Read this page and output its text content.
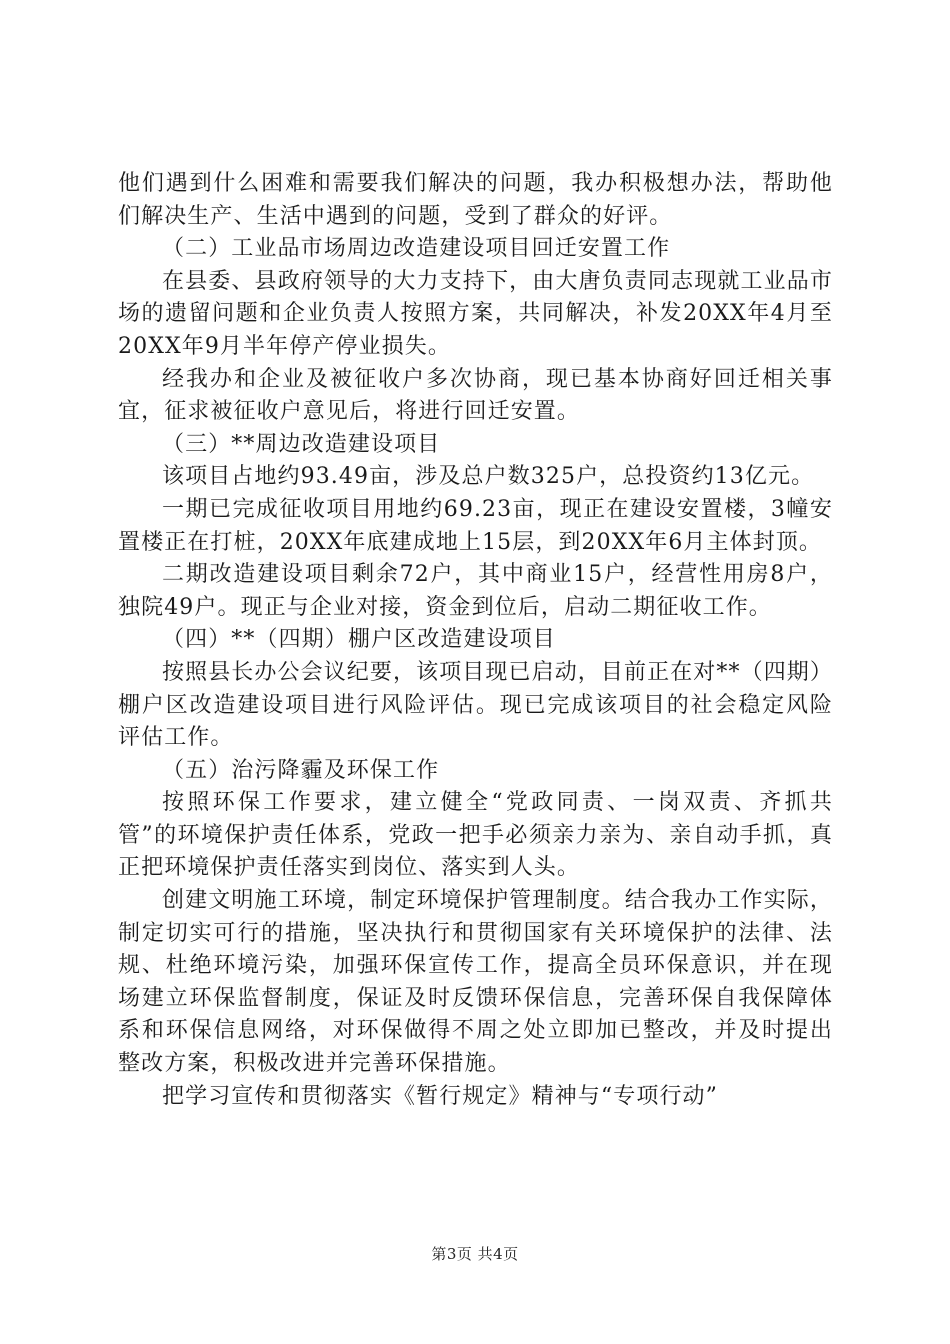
他们遇到什么困难和需要我们解决的问题，我办积极想办法，帮助他们解决生产、生活中遇到的问题，受到了群众的好评。

（二）工业品市场周边改造建设项目回迁安置工作

在县委、县政府领导的大力支持下，由大唐负责同志现就工业品市场的遗留问题和企业负责人按照方案，共同解决，补发20XX年4月至20XX年9月半年停产停业损失。

经我办和企业及被征收户多次协商，现已基本协商好回迁相关事宜，征求被征收户意见后，将进行回迁安置。

（三）**周边改造建设项目

该项目占地约93.49亩，涉及总户数325户，总投资约13亿元。

一期已完成征收项目用地约69.23亩，现正在建设安置楼，3幢安置楼正在打桩，20XX年底建成地上15层，到20XX年6月主体封顶。

二期改造建设项目剩余72户，其中商业15户，经营性用房8户，独院49户。现正与企业对接，资金到位后，启动二期征收工作。

（四）**（四期）棚户区改造建设项目

按照县长办公会议纪要，该项目现已启动，目前正在对**（四期）棚户区改造建设项目进行风险评估。现已完成该项目的社会稳定风险评估工作。

（五）治污降霾及环保工作

按照环保工作要求，建立健全“党政同责、一岗双责、齐抓共管”的环境保护责任体系，党政一把手必须亲力亲为、亲自动手抓，真正把环境保护责任落实到岗位、落实到人头。

创建文明施工环境，制定环境保护管理制度。结合我办工作实际，制定切实可行的措施，坚决执行和贯彻国家有关环境保护的法律、法规、杜绝环境污染，加强环保宣传工作，提高全员环保意识，并在现场建立环保监督制度，保证及时反馈环保信息，完善环保自我保障体系和环保信息网络，对环保做得不周之处立即加已整改，并及时提出整改方案，积极改进并完善环保措施。

把学习宣传和贯彻落实《暂行规定》精神与“专项行动”

第3页 共4页
